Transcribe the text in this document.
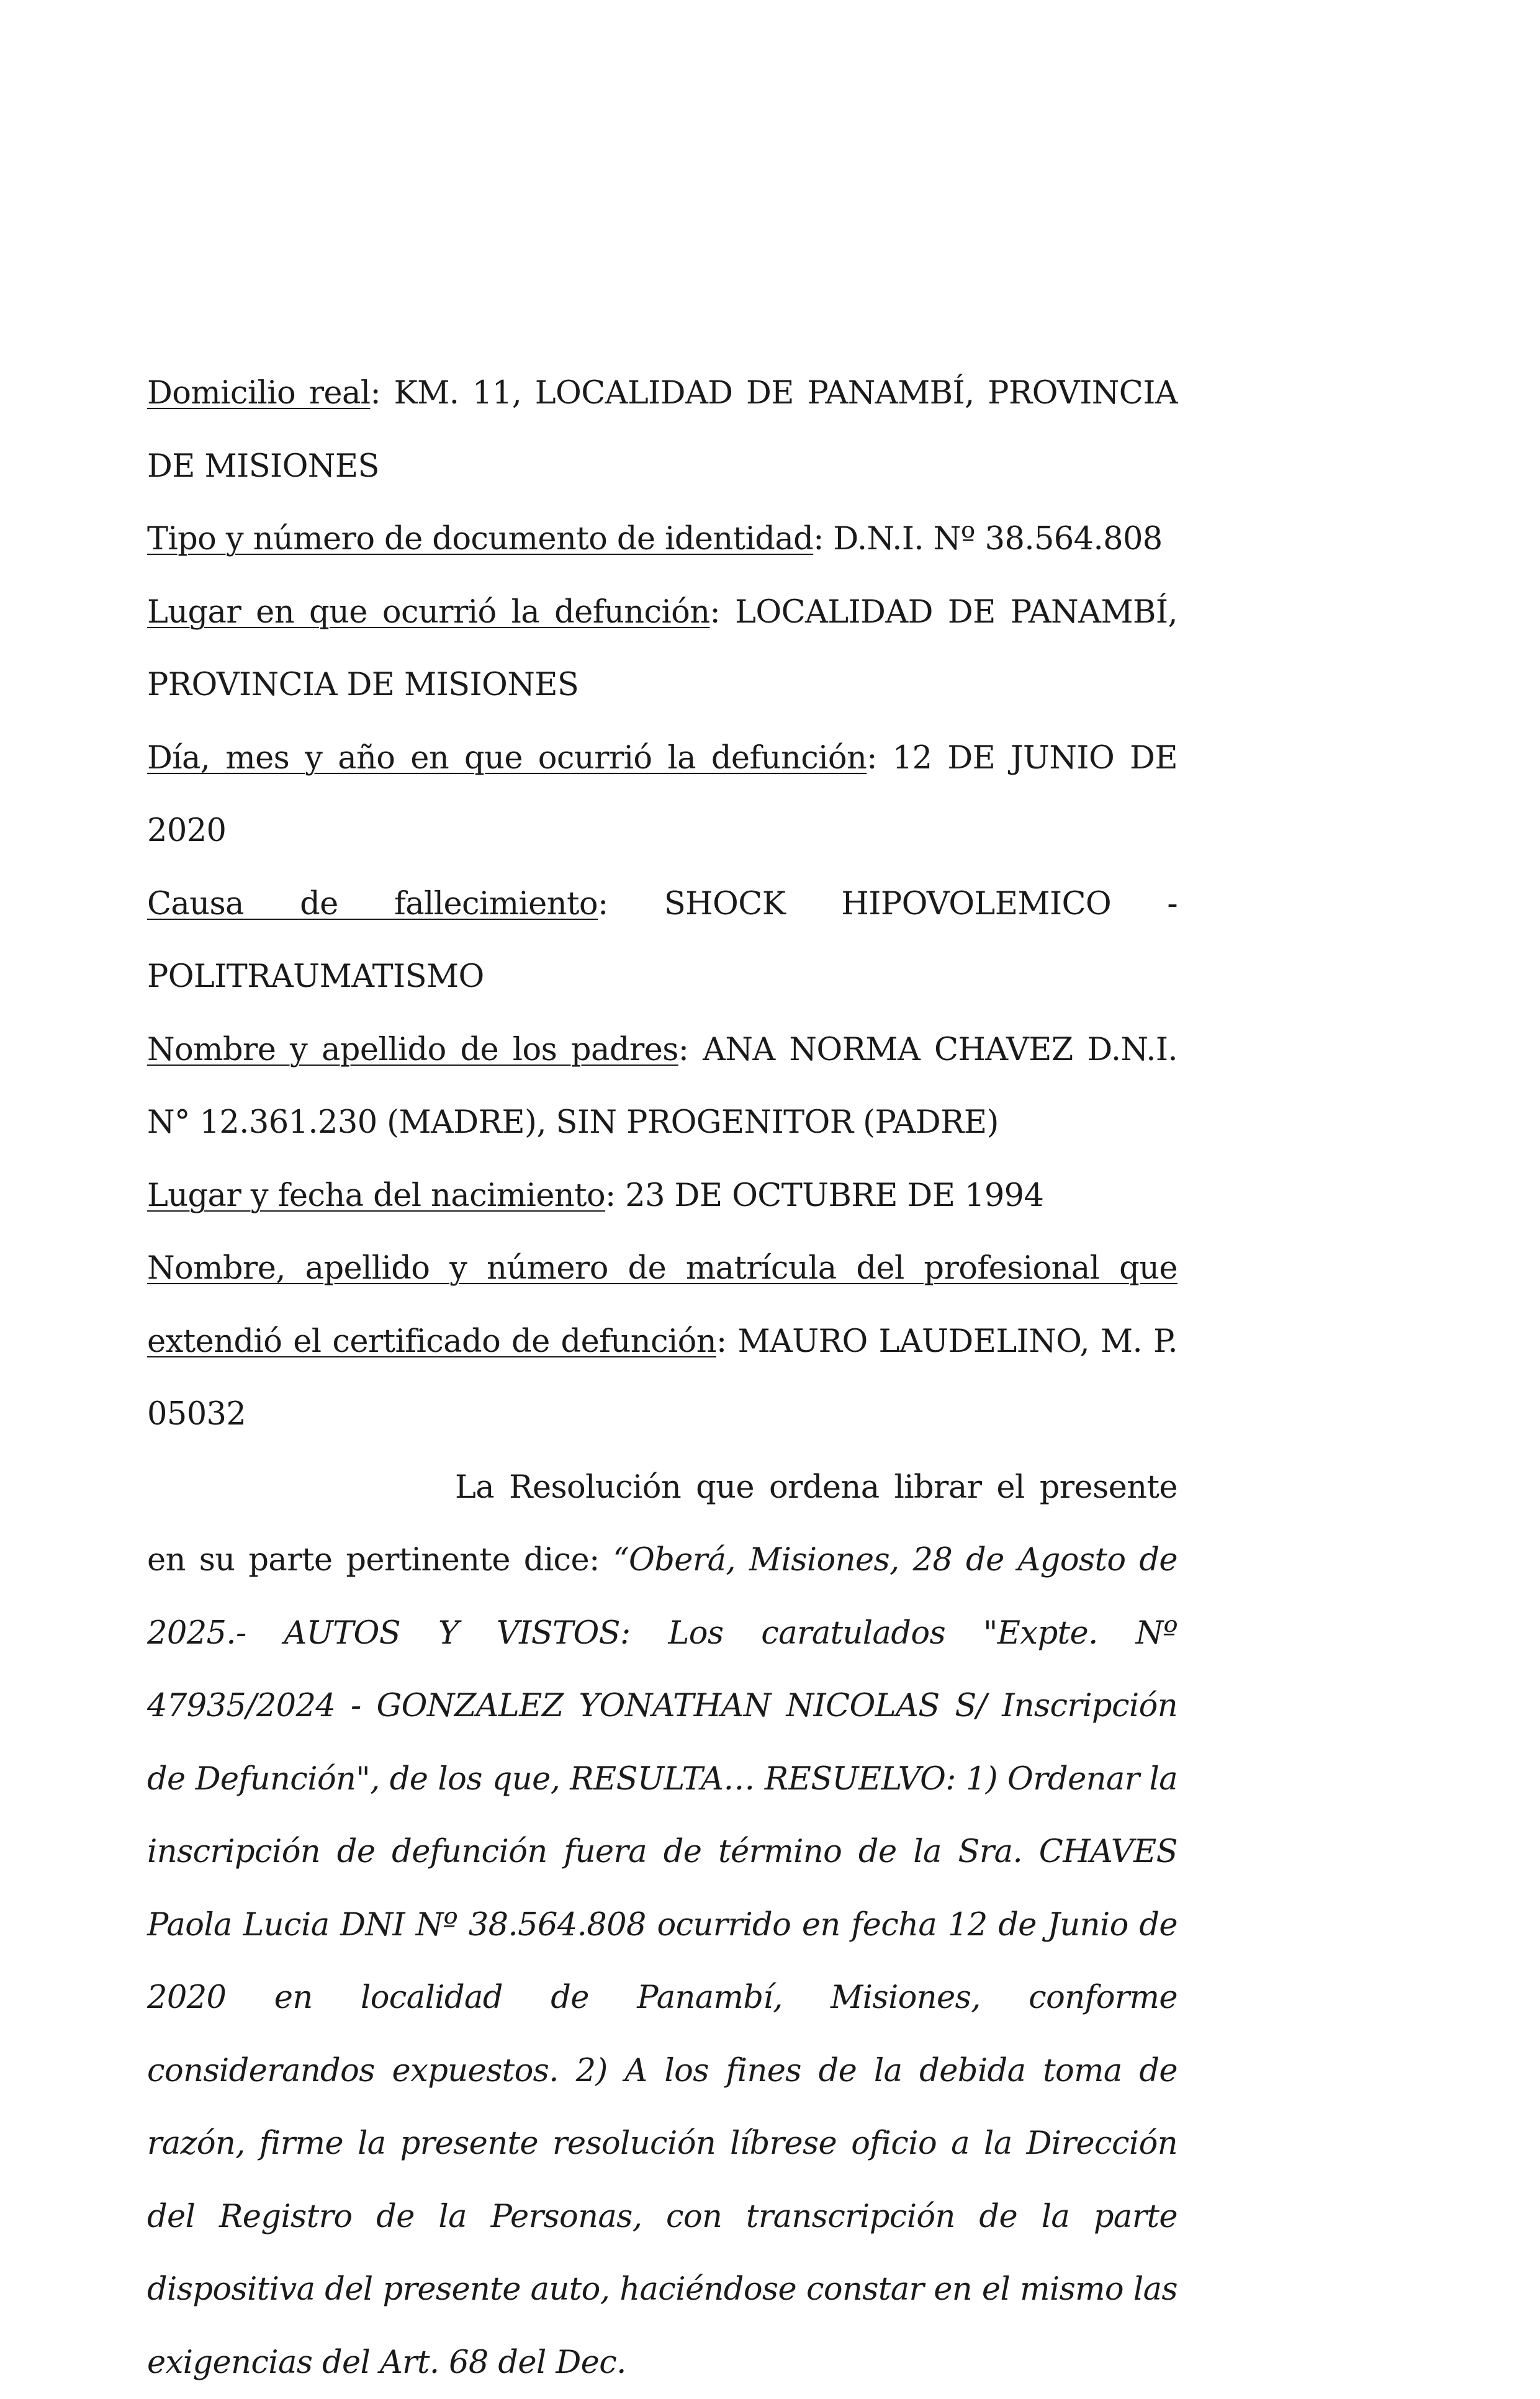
Domicilio real: KM. 11, LOCALIDAD DE PANAMBÍ, PROVINCIA DE MISIONES

Tipo y número de documento de identidad: D.N.I. Nº 38.564.808

Lugar en que ocurrió la defunción: LOCALIDAD DE PANAMBÍ, PROVINCIA DE MISIONES

Día, mes y año en que ocurrió la defunción: 12 DE JUNIO DE 2020

Causa de fallecimiento: SHOCK HIPOVOLEMICO - POLITRAUMATISMO

Nombre y apellido de los padres: ANA NORMA CHAVEZ D.N.I. N° 12.361.230 (MADRE), SIN PROGENITOR (PADRE)

Lugar y fecha del nacimiento: 23 DE OCTUBRE DE 1994

Nombre, apellido y número de matrícula del profesional que extendió el certificado de defunción: MAURO LAUDELINO, M. P. 05032

La Resolución que ordena librar el presente en su parte pertinente dice: “Oberá, Misiones, 28 de Agosto de 2025.- AUTOS Y VISTOS: Los caratulados "Expte. Nº 47935/2024 - GONZALEZ YONATHAN NICOLAS S/ Inscripción de Defunción", de los que, RESULTA… RESUELVO: 1) Ordenar la inscripción de defunción fuera de término de la Sra. CHAVES Paola Lucia DNI Nº 38.564.808 ocurrido en fecha 12 de Junio de 2020 en localidad de Panambí, Misiones, conforme considerandos expuestos. 2) A los fines de la debida toma de razón, firme la presente resolución líbrese oficio a la Dirección del Registro de la Personas, con transcripción de la parte dispositiva del presente auto, haciéndose constar en el mismo las exigencias del Art. 68 del Dec.
